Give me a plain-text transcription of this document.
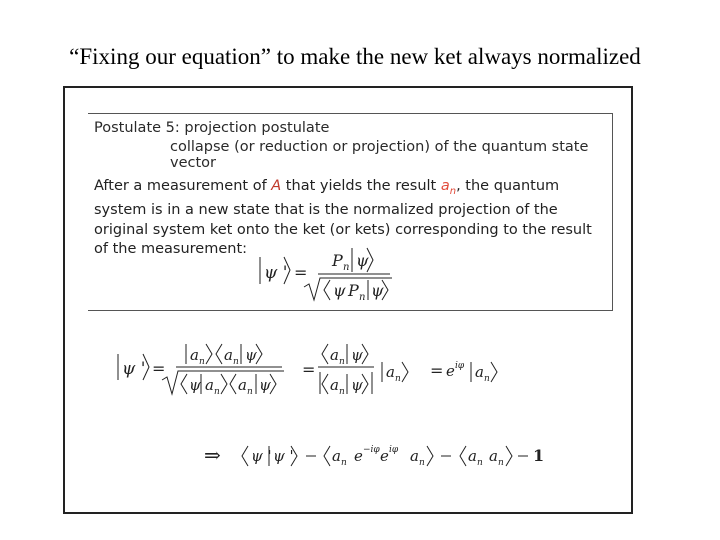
“Fixing our equation” to make the new ket always normalized
Postulate 5: projection postulate
collapse (or reduction or projection) of the quantum state vector
After a measurement of A that yields the result $a_n$, the quantum system is in a new state that is the normalized projection of the original system ket onto the ket (or kets) corresponding to the result of the measurement:
ψ ' =
P n ψ
ψ P n ψ
ψ ' =
a n a n ψ
ψ a n a n ψ
=
a n ψ
a n ψ
a n = e iφ a n
⇒ ψ ' ψ '	a n e −iφ e iφ a n	a n a n 1
